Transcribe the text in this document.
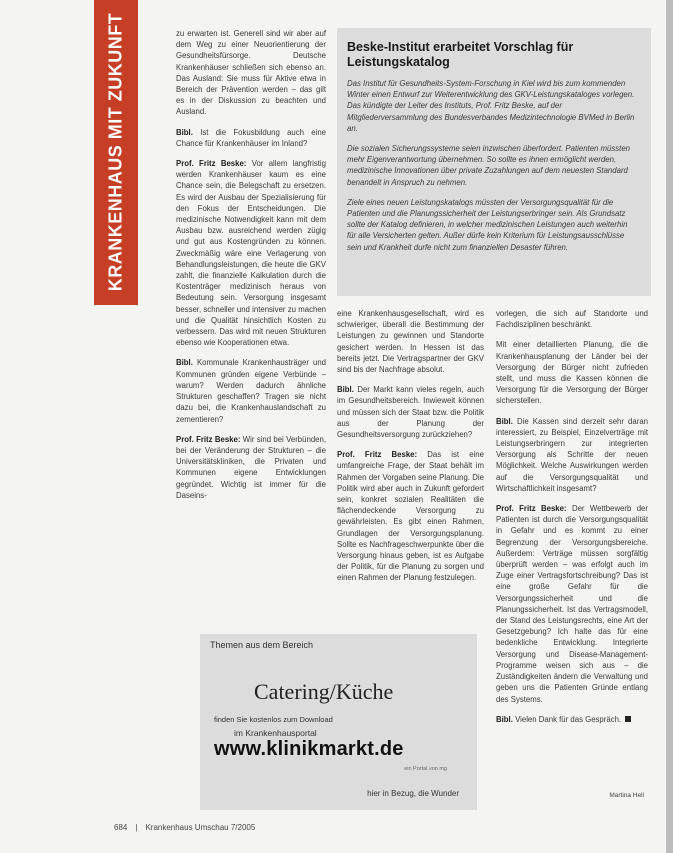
KRANKENHAUS MIT ZUKUNFT	zu erwarten ist. Generell sind wir aber auf dem Weg zu einer Neuorientierung der Gesundheitsfürsorge. Deutsche Krankenhäuser schließen sich ebenso an. Das Ausland: Sie muss für Aktive etwa in Bereich der Prävention werden – das gilt es in der Diskussion zu beachten und Ausland.

Bibl. Ist die Fokusbildung auch eine Chance für Krankenhäuser im Inland?

Prof. Fritz Beske: Vor allem langfristig werden Krankenhäuser kaum es eine Chance sein, die Belegschaft zu ersetzen. Es wird der Ausbau der Spezialisierung für den Fokus der Entscheidungen. Die medizinische Notwendigkeit kann mit dem Ausbau bzw. ausreichend werden zügig und gut aus Kostengründen zu können. Zweckmäßig wäre eine Verlagerung von Behandlungsleistungen, die heute die GKV zahlt, die finanzielle Kalkulation durch die Kostenträger medizinisch heraus von Bedeutung sein. Versorgung insgesamt besser, schneller und intensiver zu machen und die Qualität hinsichtlich Kosten zu verbessern. Das wird mit neuen Strukturen ebenso wie Kooperationen etwa.

Bibl. Kommunale Krankenhausträger und Kommunen gründen eigene Verbünde – warum? Werden dadurch ähnliche Strukturen geschaffen? Tragen sie nicht dazu bei, die Krankenhauslandschaft zu zementieren?

Prof. Fritz Beske: Wir sind bei Verbünden, bei der Veränderung der Strukturen – die Universitätskliniken, die Privaten und Kommunen eigene Entwicklungen gegründet. Wichtig ist immer für die Daseins-

Beske-Institut erarbeitet Vorschlag für Leistungskatalog

Das Institut für Gesundheits-System-Forschung in Kiel wird bis zum kommenden Winter einen Entwurf zur Weiterentwicklung des GKV-Leistungskataloges vorlegen. Das kündigte der Leiter des Instituts, Prof. Fritz Beske, auf der Mitgliederversammlung des Bundesverbandes Medizintechnologie BVMed in Berlin an.

Die sozialen Sicherungssysteme seien inzwischen überfordert. Patienten müssten mehr Eigenverantwortung übernehmen. So sollte es ihnen ermöglicht werden, medizinische Innovationen über private Zuzahlungen auf dem neuesten Standard benandelt in Anspruch zu nehmen.

Ziele eines neuen Leistungskatalogs müssten der Versorgungsqualität für die Patienten und die Planungssicherheit der Leistungserbringer sein. Als Grundsatz sollte der Katalog definieren, in welcher medizinischen Leistungen auch weiterhin für alle Versicherten gelten. Außer dürfe kein Kriterium für Leistungsausschlüsse sein und Krankheit durfe nicht zum finanziellen Desaster führen.

eine Krankenhausgesellschaft, wird es schwieriger, überall die Bestimmung der Leistungen zu gewinnen und Standorte gesichert werden. In Hessen ist das bereits jetzt. Die Vertragspartner der GKV sind bis der Nachfrage absolut.

Bibl. Der Markt kann vieles regeln, auch im Gesundheitsbereich. Inwieweit können und müssen sich der Staat bzw. die Politik aus der Planung der Gesundheitsversorgung zurückziehen?

Prof. Fritz Beske: Das ist eine umfangreiche Frage, der Staat behält im Rahmen der Vorgaben seine Planung. Die Politik wird aber auch in Zukunft gefordert sein, konkret sozialen Realitäten die flächendeckende Versorgung zu gewährleisten. Es gibt einen Rahmen, Grundlagen der Versorgungsplanung. Sollte es Nachfrageschwerpunkte über die Versorgung hinaus geben, ist es Aufgabe der Politik, für die Planung zu sorgen und einen Rahmen der Planung festzulegen.

vorlegen, die sich auf Standorte und Fachdisziplinen beschränkt.

Mit einer detaillierten Planung, die die Krankenhausplanung der Länder bei der Versorgung der Bürger nicht zufrieden stellt, und muss die Kassen können die Versorgung für die Versorgung der Bürger sicherstellen.

Bibl. Die Kassen sind derzeit sehr daran interessiert, zu Beispiel, Einzelverträge mit Leistungserbringern zur integrierten Versorgung als Schritte der neuen Möglichkeit. Welche Auswirkungen werden auf die Versorgungsqualität und Wirtschaftlichkeit insgesamt?

Prof. Fritz Beske: Der Wettbewerb der Patienten ist durch die Versorgungsqualität in Gefahr und es kommt zu einer Begrenzung der Versorgungsbereiche. Außerdem: Verträge müssen sorgfältig überprüft werden – was erfolgt auch im Zuge einer Vertragsfortschreibung? Das ist eine große Gefahr für die Versorgungssicherheit und die Planungssicherheit. Ist das Vertragsmodell, der Stand des Leistungsrechts, eine Art der Gesetzgebung? Ich halte das für eine bedenkliche Entwicklung. Integrierte Versorgung und Disease-Management-Programme weisen sich aus – die Zuständigkeiten ändern die Verwaltung und geben uns die Patienten Gründe entlang des Systems.

Bibl. Vielen Dank für das Gespräch.

Martina Hell
Themen aus dem Bereich
Catering/Küche
finden Sie kostenlos zum Download
im Krankenhausportal
www.klinikmarkt.de
ein Portal von mg
hier in Bezug, die Wunder
684 | Krankenhaus Umschau 7/2005
